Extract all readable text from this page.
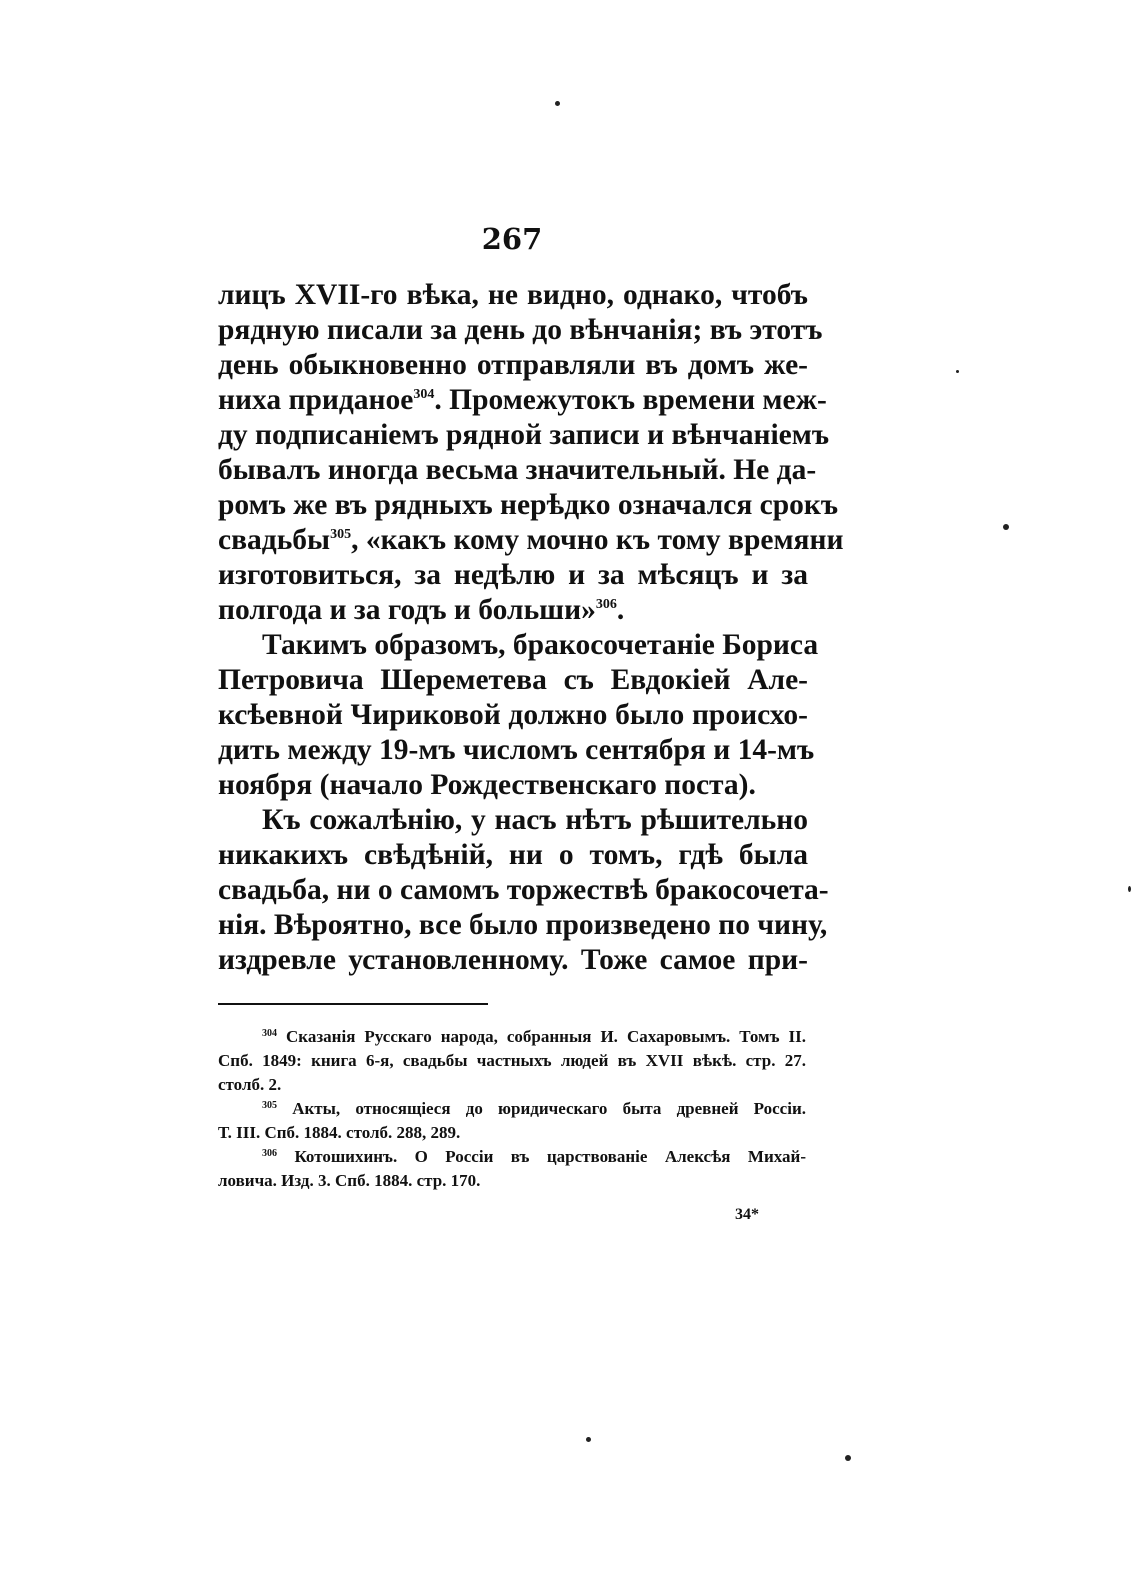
267
лицъ XVII-го вѣка, не видно, однако, чтобъ
рядную писали за день до вѣнчанія; въ этотъ
день обыкновенно отправляли въ домъ же-
ниха приданое$^{304}$. Промежутокъ времени меж-
ду подписаніемъ рядной записи и вѣнчаніемъ
бывалъ иногда весьма значительный. Не да-
ромъ же въ рядныхъ нерѣдко означался срокъ
свадьбы$^{305}$, «какъ кому мочно къ тому времяни
изготовиться, за недѣлю и за мѣсяцъ и за
полгода и за годъ и больши»$^{306}$.
Такимъ образомъ, бракосочетаніе Бориса
Петровича Шереметева съ Евдокіей Але-
ксѣевной Чириковой должно было происхо-
дить между 19-мъ числомъ сентября и 14-мъ
ноября (начало Рождественскаго поста).
Къ сожалѣнію, у насъ нѣтъ рѣшительно
никакихъ свѣдѣній, ни о томъ, гдѣ была
свадьба, ни о самомъ торжествѣ бракосочета-
нія. Вѣроятно, все было произведено по чину,
издревле установленному. Тоже самое при-
$^{304}$ Сказанія Русскаго народа, собранныя И. Сахаровымъ. Томъ II.
Спб. 1849: книга 6-я, свадьбы частныхъ людей въ XVII вѣкѣ. стр. 27.
столб. 2.
$^{305}$ Акты, относящіеся до юридическаго быта древней Россіи.
Т. III. Спб. 1884. столб. 288, 289.
$^{306}$ Котошихинъ. О Россіи въ царствованіе Алексѣя Михай-
ловича. Изд. 3. Спб. 1884. стр. 170.
34*
